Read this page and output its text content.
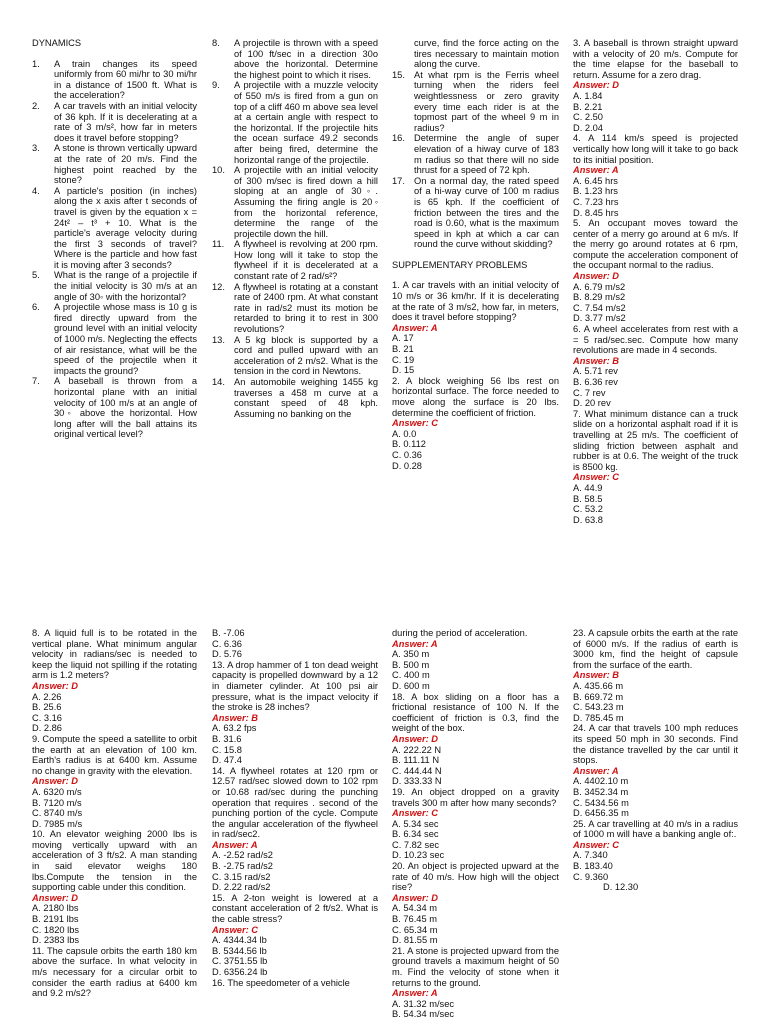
DYNAMICS
1.	A train changes its speed uniformly from 60 mi/hr to 30 mi/hr in a distance of 1500 ft. What is the acceleration?
2.	A car travels with an initial velocity of 36 kph. If it is decelerating at a rate of 3 m/s², how far in meters does it travel before stopping?
3.	A stone is thrown vertically upward at the rate of 20 m/s. Find the highest point reached by the stone?
4.	A particle's position (in inches) along the x axis after t seconds of travel is given by the equation x = 24t² – t³ + 10. What is the particle's average velocity during the first 3 seconds of travel? Where is the particle and how fast it is moving after 3 seconds?
5.	What is the range of a projectile if the initial velocity is 30 m/s at an angle of 30◦ with the horizontal?
6.	A projectile whose mass is 10 g is fired directly upward from the ground level with an initial velocity of 1000 m/s. Neglecting the effects of air resistance, what will be the speed of the projectile when it impacts the ground?
7.	A baseball is thrown from a horizontal plane with an initial velocity of 100 m/s at an angle of 30◦ above the horizontal. How long after will the ball attains its original vertical level?
8.	A projectile is thrown with a speed of 100 ft/sec in a direction 30o above the horizontal. Determine the highest point to which it rises.
9.	A projectile with a muzzle velocity of 550 m/s is fired from a gun on top of a cliff 460 m above sea level at a certain angle with respect to the horizontal. If the projectile hits the ocean surface 49.2 seconds after being fired, determine the horizontal range of the projectile.
10. A projectile with an initial velocity of 300 m/sec is fired down a hill sloping at an angle of 30◦. Assuming the firing angle is 20◦ from the horizontal reference, determine the range of the projectile down the hill.
11.	A flywheel is revolving at 200 rpm. How long will it take to stop the flywheel if it is decelerated at a constant rate of 2 rad/s²?
12. A flywheel is rotating at a constant rate of 2400 rpm. At what constant rate in rad/s2 must its motion be retarded to bring it to rest in 300 revolutions?
13. A 5 kg block is supported by a cord and pulled upward with an acceleration of 2 m/s2. What is the tension in the cord in Newtons.
14. An automobile weighing 1455 kg traverses a 458 m curve at a constant speed of 48 kph. Assuming no banking on the
curve, find the force acting on the tires necessary to maintain motion along the curve.
15. At what rpm is the Ferris wheel turning when the riders feel weightlessness or zero gravity every time each rider is at the topmost part of the wheel 9 m in radius?
16. Determine the angle of super elevation of a hiway curve of 183 m radius so that there will no side thrust for a speed of 72 kph.
17. On a normal day, the rated speed of a hi-way curve of 100 m radius is 65 kph. If the coefficient of friction between the tires and the road is 0.60, what is the maximum speed in kph at which a car can round the curve without skidding?
SUPPLEMENTARY PROBLEMS
1. A car travels with an initial velocity of 10 m/s or 36 km/hr. If it is decelerating at the rate of 3 m/s2, how far, in meters, does it travel before stopping?
Answer: A
A. 17
B. 21
C. 19
D. 15
2. A block weighing 56 lbs rest on horizontal surface. The force needed to move along the surface is 20 lbs. determine the coefficient of friction.
Answer: C
A. 0.0
B. 0.112
C. 0.36
D. 0.28
3. A baseball is thrown straight upward with a velocity of 20 m/s. Compute for the time elapse for the baseball to return. Assume for a zero drag.
Answer: D
A. 1.84
B. 2.21
C. 2.50
D. 2.04
4. A 114 km/s speed is projected vertically how long will it take to go back to its initial position.
Answer: A
A. 6.45 hrs
B. 1.23 hrs
C. 7.23 hrs
D. 8.45 hrs
5. An occupant moves toward the center of a merry go around at 6 m/s. If the merry go around rotates at 6 rpm, compute the acceleration component of the occupant normal to the radius.
Answer: D
A. 6.79 m/s2
B. 8.29 m/s2
C. 7.54 m/s2
D. 3.77 m/s2
6. A wheel accelerates from rest with a = 5 rad/sec.sec. Compute how many revolutions are made in 4 seconds.
Answer: B
A. 5.71 rev
B. 6.36 rev
C. 7 rev
D. 20 rev
7. What minimum distance can a truck slide on a horizontal asphalt road if it is travelling at 25 m/s. The coefficient of sliding friction between asphalt and rubber is at 0.6. The weight of the truck is 8500 kg.
Answer: C
A. 44.9
B. 58.5
C. 53.2
D. 63.8
8. A liquid full is to be rotated in the vertical plane. What minimum angular velocity in radians/sec is needed to keep the liquid not spilling if the rotating arm is 1.2 meters?
Answer: D
A. 2.26
B. 25.6
C. 3.16
D. 2.86
9. Compute the speed a satellite to orbit the earth at an elevation of 100 km. Earth's radius is at 6400 km. Assume no change in gravity with the elevation.
Answer: D
A. 6320 m/s
B. 7120 m/s
C. 8740 m/s
D. 7985 m/s
10. An elevator weighing 2000 lbs is moving vertically upward with an acceleration of 3 ft/s2. A man standing in said elevator weighs 180 lbs.Compute the tension in the supporting cable under this condition.
Answer: D
A. 2180 lbs
B. 2191 lbs
C. 1820 lbs
D. 2383 lbs
11. The capsule orbits the earth 180 km above the surface. In what velocity in m/s necessary for a circular orbit to consider the earth radius at 6400 km and 9.2 m/s2?
B. -7.06
C. 6.36
D. 5.76
13. A drop hammer of 1 ton dead weight capacity is propelled downward by a 12 in diameter cylinder. At 100 psi air pressure, what is the impact velocity if the stroke is 28 inches?
Answer: B
A. 63.2 fps
B. 31.6
C. 15.8
D. 47.4
14. A flywheel rotates at 120 rpm or 12.57 rad/sec slowed down to 102 rpm or 10.68 rad/sec during the punching operation that requires . second of the punching portion of the cycle. Compute the angular acceleration of the flywheel in rad/sec2.
Answer: A
A. -2.52 rad/s2
B. -2.75 rad/s2
C. 3.15 rad/s2
D. 2.22 rad/s2
15. A 2-ton weight is lowered at a constant acceleration of 2 ft/s2. What is the cable stress?
Answer: C
A. 4344.34 lb
B. 5344.56 lb
C. 3751.55 lb
D. 6356.24 lb
16. The speedometer of a vehicle
during the period of acceleration.
Answer: A
A. 350 m
B. 500 m
C. 400 m
D. 600 m
18. A box sliding on a floor has a frictional resistance of 100 N. If the coefficient of friction is 0.3, find the weight of the box.
Answer: D
A. 222.22 N
B. 111.11 N
C. 444.44 N
D. 333.33 N
19. An object dropped on a gravity travels 300 m after how many seconds?
Answer: C
A. 5.34 sec
B. 6.34 sec
C. 7.82 sec
D. 10.23 sec
20. An object is projected upward at the rate of 40 m/s. How high will the object rise?
Answer: D
A. 54.34 m
B. 76.45 m
C. 65.34 m
D. 81.55 m
21. A stone is projected upward from the ground travels a maximum height of 50 m. Find the velocity of stone when it returns to the ground.
Answer: A
A. 31.32 m/sec
B. 54.34 m/sec
23. A capsule orbits the earth at the rate of 6000 m/s. If the radius of earth is 3000 km, find the height of capsule from the surface of the earth.
Answer: B
A. 435.66 m
B. 669.72 m
C. 543.23 m
D. 785.45 m
24. A car that travels 100 mph reduces its speed 50 mph in 30 seconds. Find the distance travelled by the car until it stops.
Answer: A
A. 4402.10 m
B. 3452.34 m
C. 5434.56 m
D. 6456.35 m
25. A car travelling at 40 m/s in a radius of 1000 m will have a banking angle of:.
Answer: C
A. 7.340
B. 183.40
C. 9.360
D. 12.30
